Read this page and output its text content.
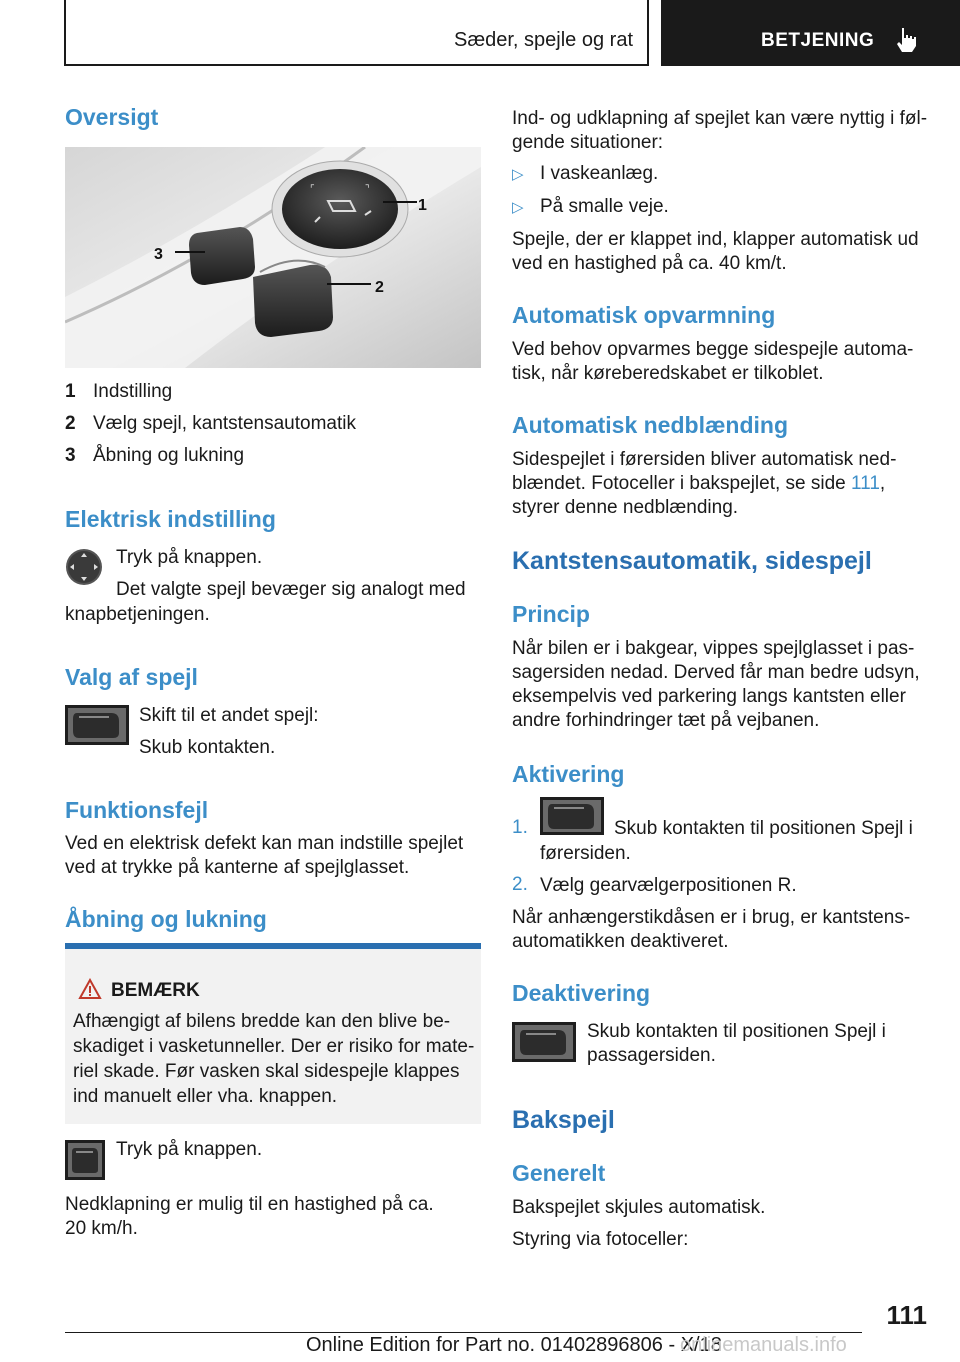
Sæder, spejle og rat	BETJENING
Oversigt
⌜	⌝
3
1
2
1 Indstilling
2 Vælg spejl, kantstensautomatik
3 Åbning og lukning
Elektrisk indstilling
Tryk på knappen.
Det valgte spejl bevæger sig analogt med
knapbetjeningen.
Valg af spejl
Skift til et andet spejl:
Skub kontakten.
Funktionsfejl
Ved en elektrisk defekt kan man indstille spejlet
ved at trykke på kanterne af spejlglasset.
Åbning og lukning
BEMÆRK
Afhængigt af bilens bredde kan den blive be-
skadiget i vasketunneller. Der er risiko for mate-
riel skade. Før vasken skal sidespejle klappes
ind manuelt eller vha. knappen.
Tryk på knappen.
Nedklapning er mulig til en hastighed på ca.
20 km/h.
Ind- og udklapning af spejlet kan være nyttig i føl-
gende situationer:
▷ I vaskeanlæg.
▷ På smalle veje.
Spejle, der er klappet ind, klapper automatisk ud
ved en hastighed på ca. 40 km/t.
Automatisk opvarmning
Ved behov opvarmes begge sidespejle automa-
tisk, når køreberedskabet er tilkoblet.
Automatisk nedblænding
Sidespejlet i førersiden bliver automatisk ned-
blændet. Fotoceller i bakspejlet, se side 111,
styrer denne nedblænding.
Kantstensautomatik, sidespejl
Princip
Når bilen er i bakgear, vippes spejlglasset i pas-
sagersiden nedad. Derved får man bedre udsyn,
eksempelvis ved parkering langs kantsten eller
andre forhindringer tæt på vejbanen.
Aktivering
1.	Skub kontakten til positionen Spejl i
førersiden.
2. Vælg gearvælgerpositionen R.
Når anhængerstikdåsen er i brug, er kantstens-
automatikken deaktiveret.
Deaktivering
Skub kontakten til positionen Spejl i
passagersiden.
Bakspejl
Generelt
Bakspejlet skjules automatisk.
Styring via fotoceller:
111
Online Edition for Part no. 01402896806 - X/18
onlinemanuals.info
